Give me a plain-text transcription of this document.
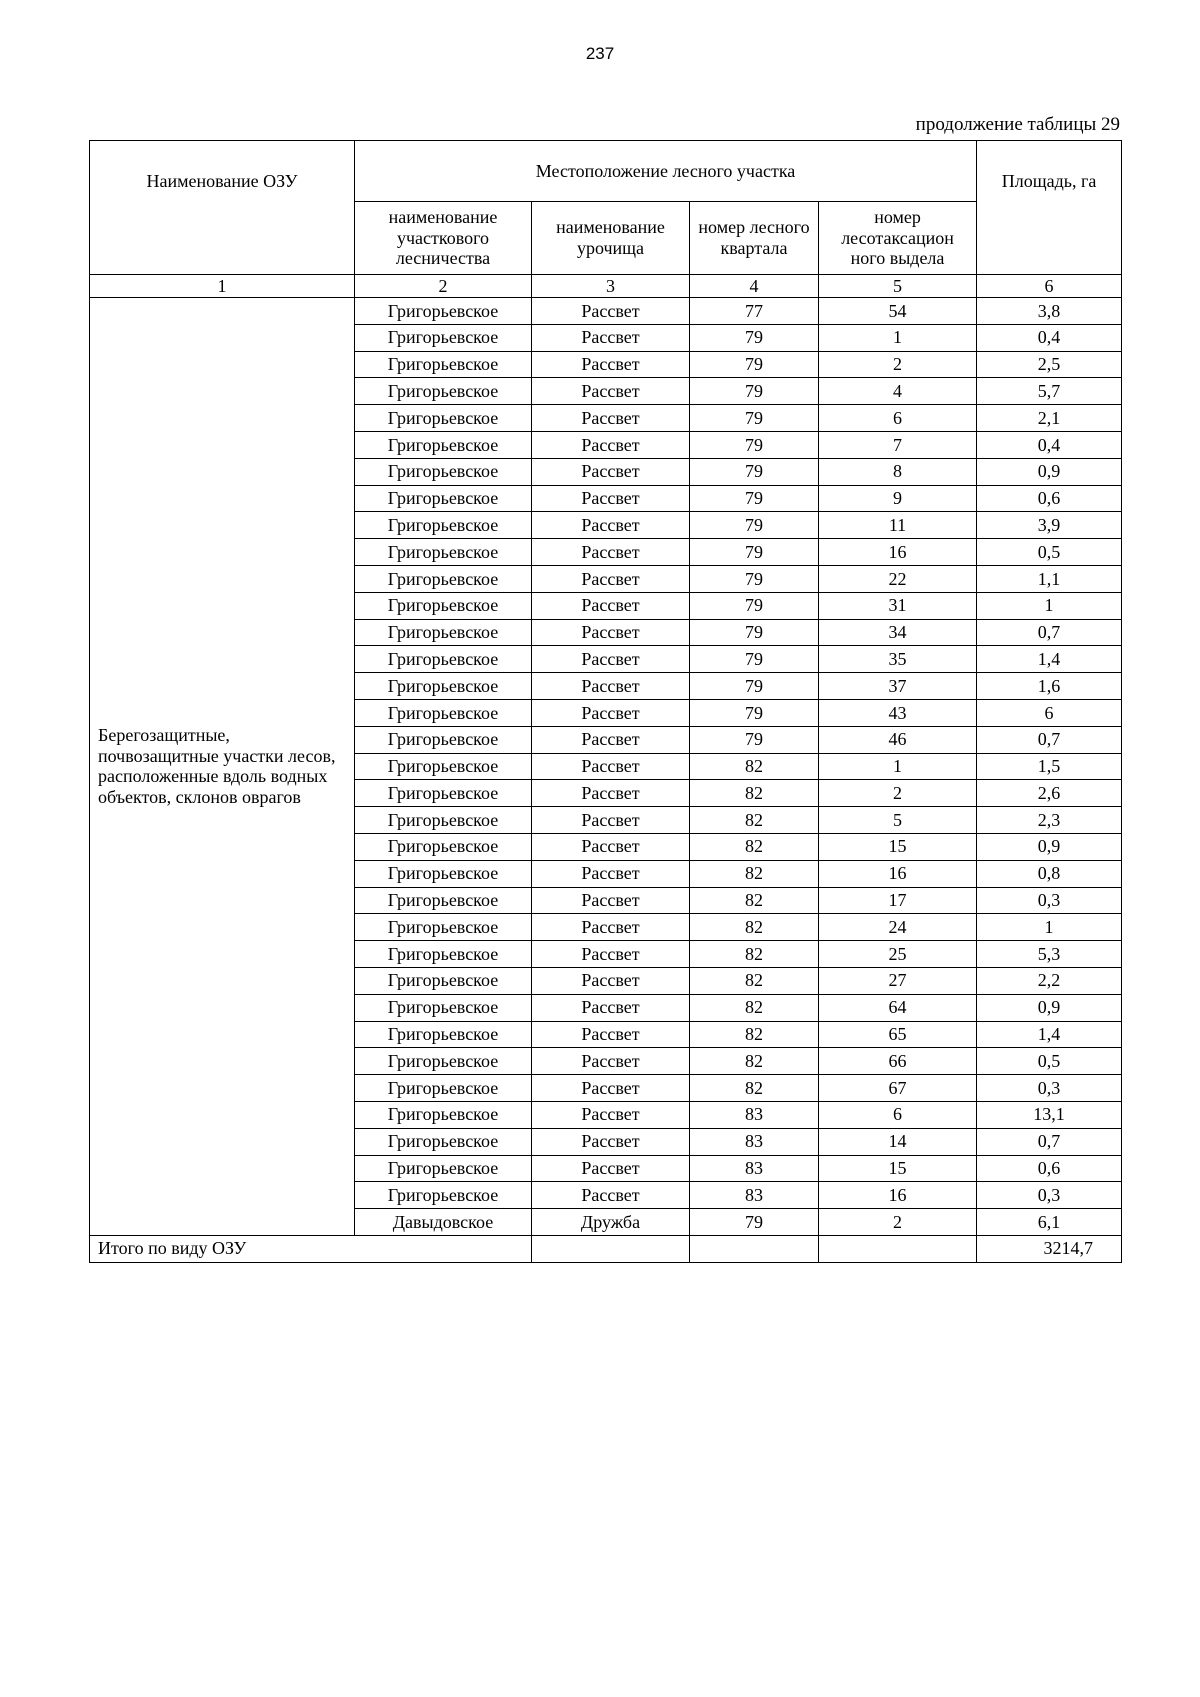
237
продолжение таблицы 29
Наименование ОЗУ	Местоположение лесного участка				Площадь, га
	наименование участкового лесничества	наименование урочища	номер лесного квартала	номер лесотаксацион ного выдела	
1	2	3	4	5	6
Берегозащитные, почвозащитные участки лесов, расположенные вдоль водных объектов, склонов оврагов	Григорьевское	Рассвет	77	54	3,8
	Григорьевское	Рассвет	79	1	0,4
	Григорьевское	Рассвет	79	2	2,5
	Григорьевское	Рассвет	79	4	5,7
	Григорьевское	Рассвет	79	6	2,1
	Григорьевское	Рассвет	79	7	0,4
	Григорьевское	Рассвет	79	8	0,9
	Григорьевское	Рассвет	79	9	0,6
	Григорьевское	Рассвет	79	11	3,9
	Григорьевское	Рассвет	79	16	0,5
	Григорьевское	Рассвет	79	22	1,1
	Григорьевское	Рассвет	79	31	1
	Григорьевское	Рассвет	79	34	0,7
	Григорьевское	Рассвет	79	35	1,4
	Григорьевское	Рассвет	79	37	1,6
	Григорьевское	Рассвет	79	43	6
	Григорьевское	Рассвет	79	46	0,7
	Григорьевское	Рассвет	82	1	1,5
	Григорьевское	Рассвет	82	2	2,6
	Григорьевское	Рассвет	82	5	2,3
	Григорьевское	Рассвет	82	15	0,9
	Григорьевское	Рассвет	82	16	0,8
	Григорьевское	Рассвет	82	17	0,3
	Григорьевское	Рассвет	82	24	1
	Григорьевское	Рассвет	82	25	5,3
	Григорьевское	Рассвет	82	27	2,2
	Григорьевское	Рассвет	82	64	0,9
	Григорьевское	Рассвет	82	65	1,4
	Григорьевское	Рассвет	82	66	0,5
	Григорьевское	Рассвет	82	67	0,3
	Григорьевское	Рассвет	83	6	13,1
	Григорьевское	Рассвет	83	14	0,7
	Григорьевское	Рассвет	83	15	0,6
	Григорьевское	Рассвет	83	16	0,3
	Давыдовское	Дружба	79	2	6,1
Итого по виду ОЗУ					3214,7
